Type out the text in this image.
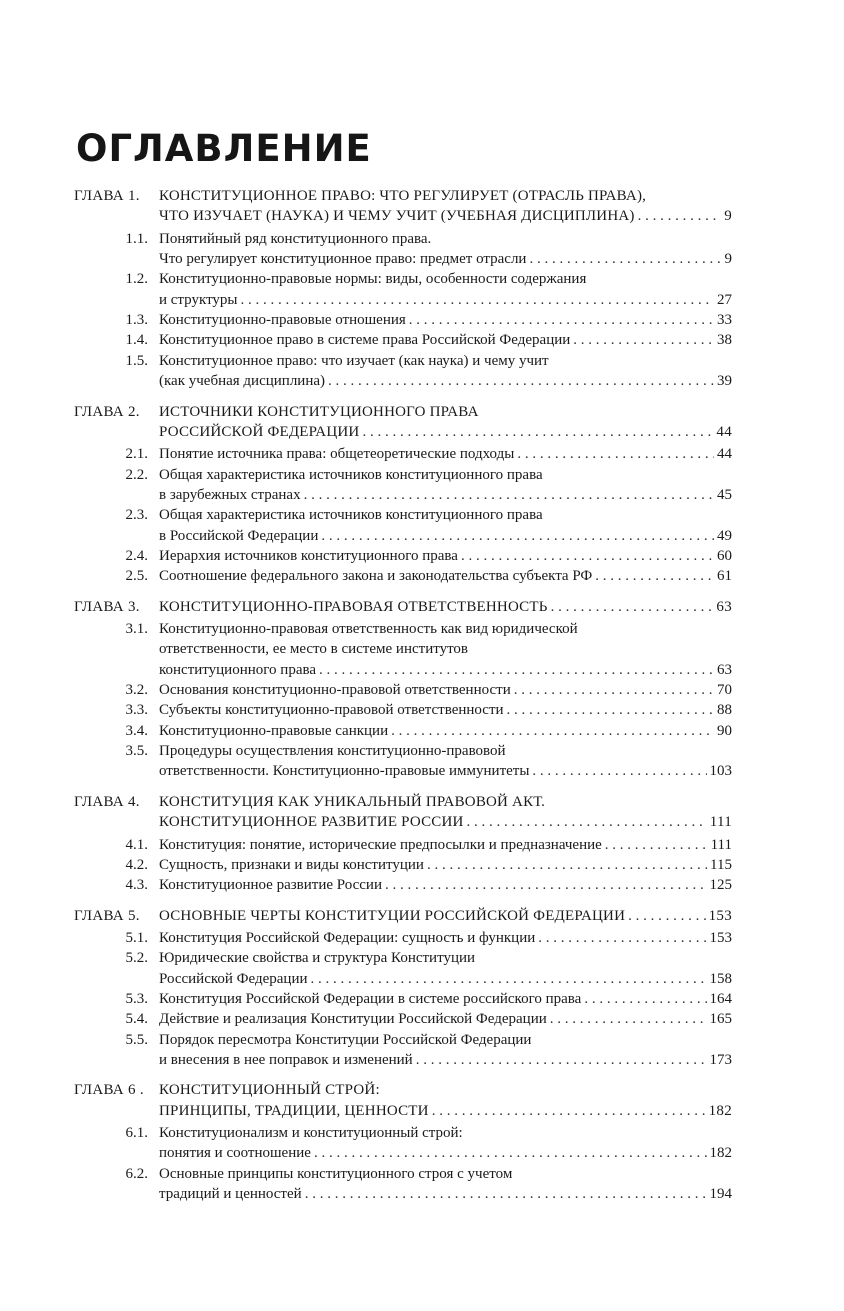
ОГЛАВЛЕНИЕ
ГЛАВА 1. КОНСТИТУЦИОННОЕ ПРАВО: ЧТО РЕГУЛИРУЕТ (ОТРАСЛЬ ПРАВА),
ЧТО ИЗУЧАЕТ (НАУКА) И ЧЕМУ УЧИТ (УЧЕБНАЯ ДИСЦИПЛИНА) . . .	9
1.1. Понятийный ряд конституционного права.
Что регулирует конституционное право: предмет отрасли . . .	9
1.2. Конституционно-правовые нормы: виды, особенности содержания
и структуры . . .	27
1.3. Конституционно-правовые отношения . . .	33
1.4. Конституционное право в системе права Российской Федерации . . .	38
1.5. Конституционное право: что изучает (как наука) и чему учит
(как учебная дисциплина) . . .	39
ГЛАВА 2. ИСТОЧНИКИ КОНСТИТУЦИОННОГО ПРАВА
РОССИЙСКОЙ ФЕДЕРАЦИИ . . .	44
2.1. Понятие источника права: общетеоретические подходы . . .	44
2.2. Общая характеристика источников конституционного права
в зарубежных странах . . .	45
2.3. Общая характеристика источников конституционного права
в Российской Федерации . . .	49
2.4. Иерархия источников конституционного права . . .	60
2.5. Соотношение федерального закона и законодательства субъекта РФ . . .	61
ГЛАВА 3. КОНСТИТУЦИОННО-ПРАВОВАЯ ОТВЕТСТВЕННОСТЬ . . .	63
3.1. Конституционно-правовая ответственность как вид юридической
ответственности, ее место в системе институтов
конституционного права . . .	63
3.2. Основания конституционно-правовой ответственности . . .	70
3.3. Субъекты конституционно-правовой ответственности . . .	88
3.4. Конституционно-правовые санкции . . .	90
3.5. Процедуры осуществления конституционно-правовой
ответственности. Конституционно-правовые иммунитеты . . .	103
ГЛАВА 4. КОНСТИТУЦИЯ КАК УНИКАЛЬНЫЙ ПРАВОВОЙ АКТ.
КОНСТИТУЦИОННОЕ РАЗВИТИЕ РОССИИ . . .	111
4.1. Конституция: понятие, исторические предпосылки и предназначение . . .	111
4.2. Сущность, признаки и виды конституции . . .	115
4.3. Конституционное развитие России . . .	125
ГЛАВА 5. ОСНОВНЫЕ ЧЕРТЫ КОНСТИТУЦИИ РОССИЙСКОЙ ФЕДЕРАЦИИ . . .	153
5.1. Конституция Российской Федерации: сущность и функции . . .	153
5.2. Юридические свойства и структура Конституции
Российской Федерации . . .	158
5.3. Конституция Российской Федерации в системе российского права . . .	164
5.4. Действие и реализация Конституции Российской Федерации . . .	165
5.5. Порядок пересмотра Конституции Российской Федерации
и внесения в нее поправок и изменений . . .	173
ГЛАВА 6 . КОНСТИТУЦИОННЫЙ СТРОЙ:
ПРИНЦИПЫ, ТРАДИЦИИ, ЦЕННОСТИ . . .	182
6.1. Конституционализм и конституционный строй:
понятия и соотношение . . .	182
6.2. Основные принципы конституционного строя с учетом
традиций и ценностей . . .	194
